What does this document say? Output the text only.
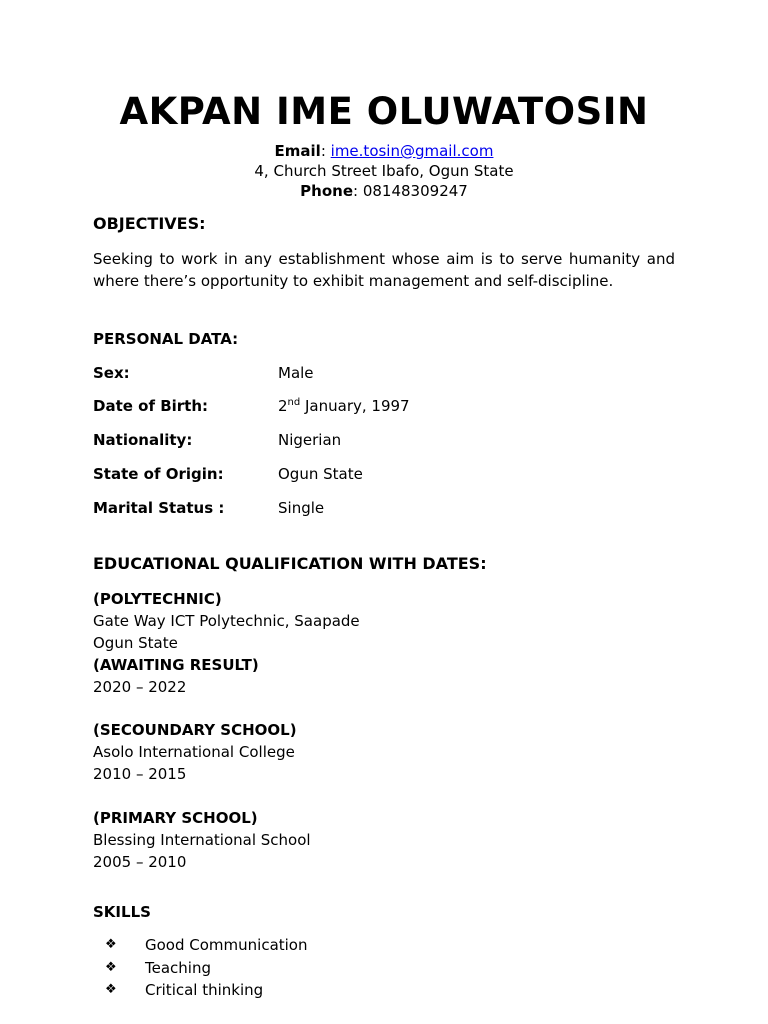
AKPAN IME OLUWATOSIN
Email: ime.tosin@gmail.com
4, Church Street Ibafo, Ogun State
Phone: 08148309247
OBJECTIVES:

Seeking to work in any establishment whose aim is to serve humanity and where there’s opportunity to exhibit management and self-discipline.

PERSONAL DATA:
Sex:	Male
Date of Birth:	2nd January, 1997
Nationality:	Nigerian
State of Origin:	Ogun State
Marital Status :	Single
EDUCATIONAL QUALIFICATION WITH DATES:
(POLYTECHNIC)
Gate Way ICT Polytechnic, Saapade
Ogun State
(AWAITING RESULT)
2020 – 2022
(SECOUNDARY SCHOOL)
Asolo International College
2010 – 2015
(PRIMARY SCHOOL)
Blessing International School
2005 – 2010
SKILLS
❖ Good Communication
❖ Teaching
❖ Critical thinking
